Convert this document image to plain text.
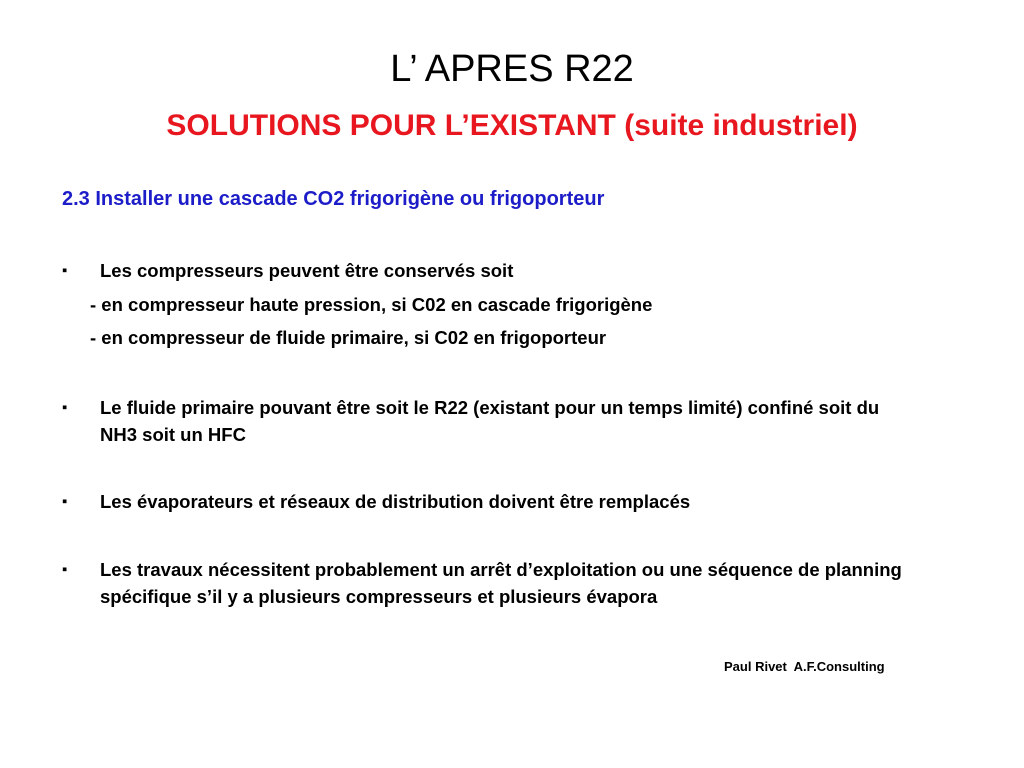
L’ APRES R22
SOLUTIONS POUR L’EXISTANT (suite industriel)
2.3 Installer une cascade CO2 frigorigène ou frigoporteur
▪	Les compresseurs peuvent être conservés soit
- en compresseur haute pression, si C02 en cascade frigorigène
- en compresseur de fluide primaire, si C02 en frigoporteur
▪	Le fluide primaire pouvant être soit le R22 (existant pour un temps limité) confiné soit du NH3 soit un HFC
▪	Les évaporateurs et réseaux de distribution doivent être remplacés
▪	Les travaux nécessitent probablement un arrêt d’exploitation ou une séquence de planning spécifique s’il y a plusieurs compresseurs et plusieurs évapora
Paul Rivet  A.F.Consulting
